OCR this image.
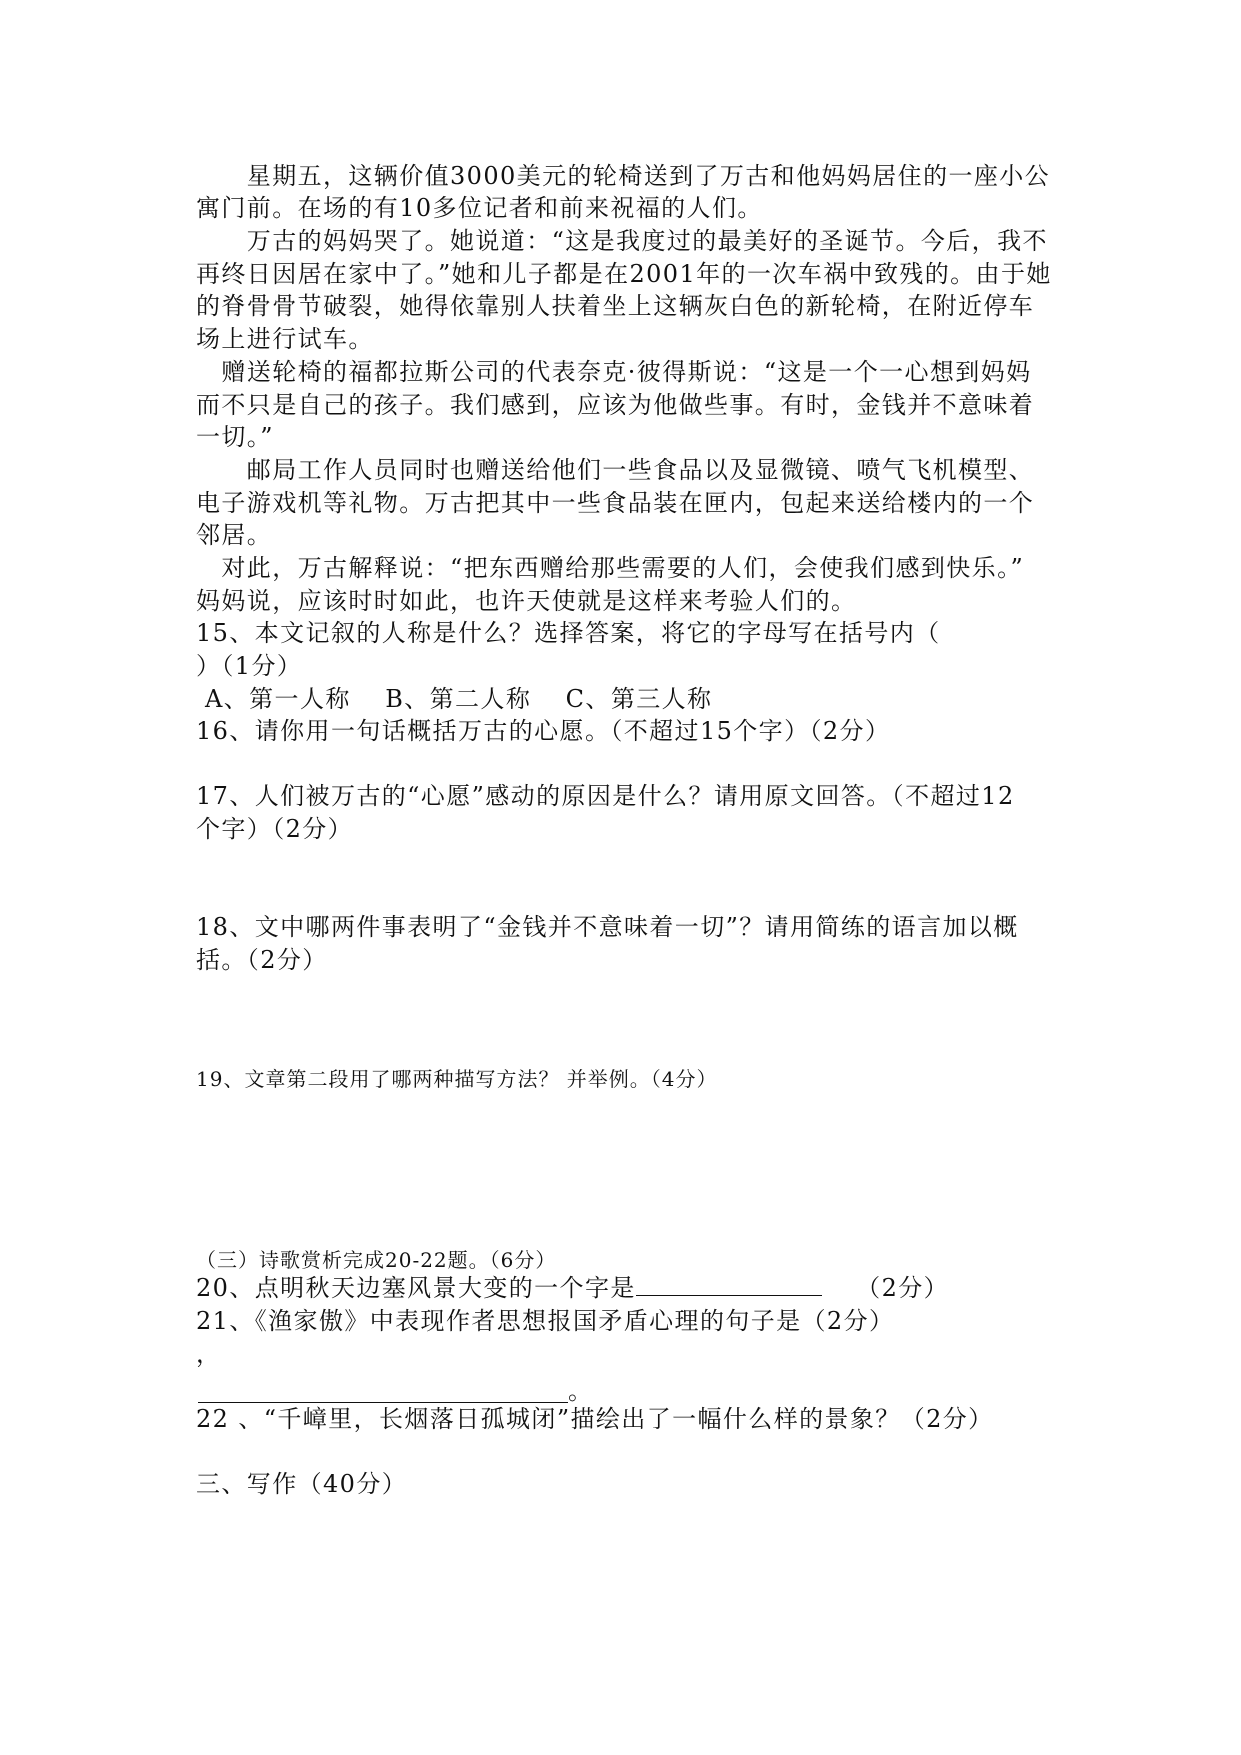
　　星期五，这辆价值3000美元的轮椅送到了万古和他妈妈居住的一座小公
寓门前。在场的有10多位记者和前来祝福的人们。
　　万古的妈妈哭了。她说道：“这是我度过的最美好的圣诞节。今后，我不
再终日因居在家中了。”她和儿子都是在2001年的一次车祸中致残的。由于她
的脊骨骨节破裂，她得依靠别人扶着坐上这辆灰白色的新轮椅，在附近停车
场上进行试车。
　赠送轮椅的福都拉斯公司的代表奈克·彼得斯说：“这是一个一心想到妈妈
而不只是自己的孩子。我们感到，应该为他做些事。有时，金钱并不意味着
一切。”
　　邮局工作人员同时也赠送给他们一些食品以及显微镜、喷气飞机模型、
电子游戏机等礼物。万古把其中一些食品装在匣内，包起来送给楼内的一个
邻居。
　对此，万古解释说：“把东西赠给那些需要的人们，会使我们感到快乐。”
妈妈说，应该时时如此，也许天使就是这样来考验人们的。
15、本文记叙的人称是什么？选择答案，将它的字母写在括号内（
）（1分）
A、第一人称　 B、第二人称　 C、第三人称
16、请你用一句话概括万古的心愿。（不超过15个字）（2分）
17、人们被万古的“心愿”感动的原因是什么？请用原文回答。（不超过12
个字）（2分）
18、文中哪两件事表明了“金钱并不意味着一切”？请用简练的语言加以概
括。（2分）
19、文章第二段用了哪两种描写方法？ 并举例。（4分）
（三）诗歌赏析完成20-22题。（6分）
20、点明秋天边塞风景大变的一个字是	　 （2分）
21、《渔家傲》中表现作者思想报国矛盾心理的句子是（2分）
，
。
22 、“千嶂里，长烟落日孤城闭”描绘出了一幅什么样的景象？（2分）
三、写作（40分）
